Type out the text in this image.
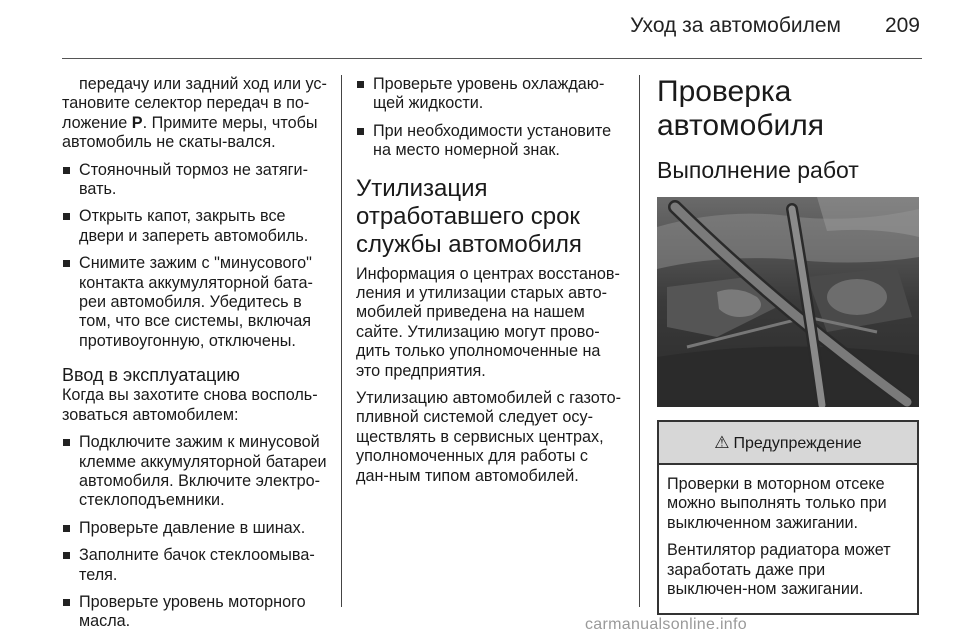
Уход за автомобилем 209

передачу или задний ход или ус-тановите селектор передач в по-ложение P. Примите меры, чтобы автомобиль не скаты-вался.

Стояночный тормоз не затяги-вать.
Открыть капот, закрыть все двери и запереть автомобиль.
Снимите зажим с "минусового" контакта аккумуляторной бата-реи автомобиля. Убедитесь в том, что все системы, включая противоугонную, отключены.
Ввод в эксплуатацию

Когда вы захотите снова восполь-зоваться автомобилем:

Подключите зажим к минусовой клемме аккумуляторной батареи автомобиля. Включите электро-стеклоподъемники.
Проверьте давление в шинах.
Заполните бачок стеклоомыва-теля.
Проверьте уровень моторного масла.
Проверьте уровень охлаждаю-щей жидкости.
При необходимости установите на место номерной знак.
Утилизация отработавшего срок службы автомобиля

Информация о центрах восстанов-ления и утилизации старых авто-мобилей приведена на нашем сайте. Утилизацию могут прово-дить только уполномоченные на это предприятия.

Утилизацию автомобилей с газото-пливной системой следует осу-ществлять в сервисных центрах, уполномоченных для работы с дан-ным типом автомобилей.

Проверка автомобиля
Выполнение работ
⚠ Предупреждение

Проверки в моторном отсеке можно выполнять только при выключенном зажигании.

Вентилятор радиатора может заработать даже при выключен-ном зажигании.

carmanualsonline.info
